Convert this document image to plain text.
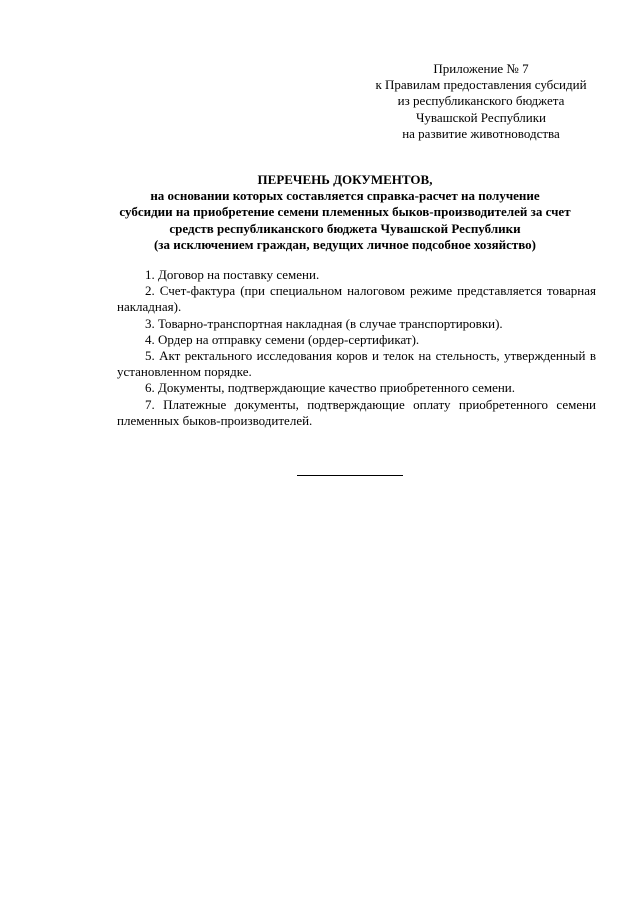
Приложение № 7
к Правилам предоставления субсидий
из республиканского бюджета
Чувашской Республики
на развитие животноводства
ПЕРЕЧЕНЬ ДОКУМЕНТОВ,
на основании которых составляется справка-расчет на получение
субсидии на приобретение семени племенных быков-производителей за счет
средств республиканского бюджета Чувашской Республики
(за исключением граждан, ведущих личное подсобное хозяйство)

1. Договор на поставку семени.

2. Счет-фактура (при специальном налоговом режиме представляется товарная накладная).

3. Товарно-транспортная накладная (в случае транспортировки).

4. Ордер на отправку семени (ордер-сертификат).

5. Акт ректального исследования коров и телок на стельность, утвержденный в установленном порядке.

6. Документы, подтверждающие качество приобретенного семени.

7. Платежные документы, подтверждающие оплату приобретенного семени племенных быков-производителей.
